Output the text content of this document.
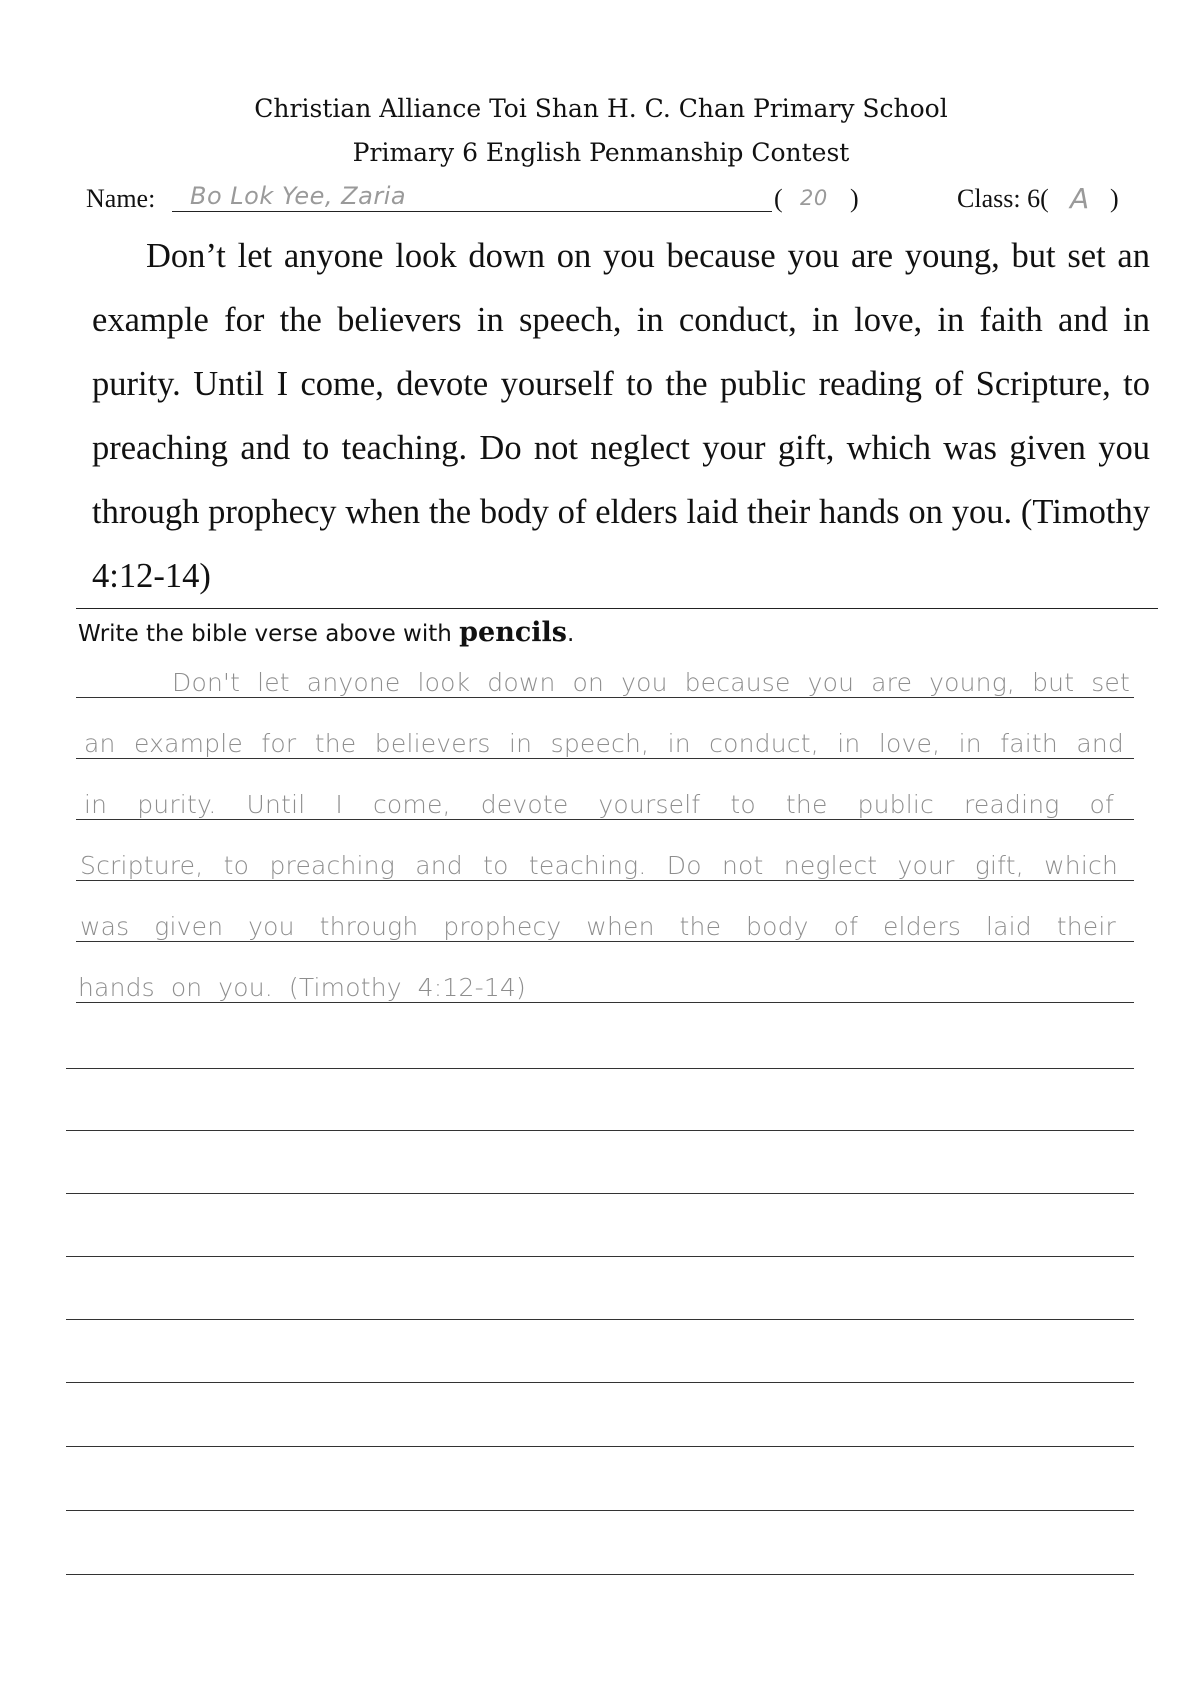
Christian Alliance Toi Shan H. C. Chan Primary School
Primary 6 English Penmanship Contest
Name: Bo Lok Yee, Zaria	( 20 )	Class: 6( A )
Don’t let anyone look down on you because you are young, but set an example for the believers in speech, in conduct, in love, in faith and in purity. Until I come, devote yourself to the public reading of Scripture, to preaching and to teaching. Do not neglect your gift, which was given you through prophecy when the body of elders laid their hands on you. (Timothy 4:12-14)
Write the bible verse above with pencils.
Don't let anyone look down on you because you are young, but set
an example for the believers in speech, in conduct, in love, in faith and
in purity. Until I come, devote yourself to the public reading of
Scripture, to preaching and to teaching. Do not neglect your gift, which
was given you through prophecy when the body of elders laid their
hands on you. (Timothy 4:12-14)
